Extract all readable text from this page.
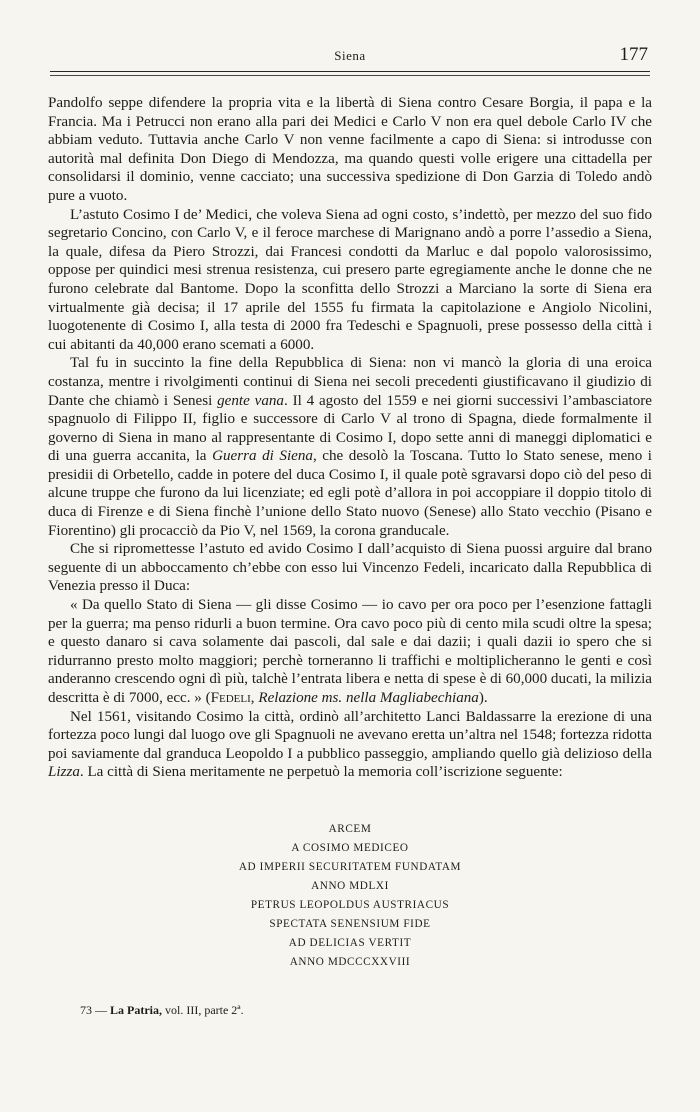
Siena	177

Pandolfo seppe difendere la propria vita e la libertà di Siena contro Cesare Borgia, il papa e la Francia. Ma i Petrucci non erano alla pari dei Medici e Carlo V non era quel debole Carlo IV che abbiam veduto. Tuttavia anche Carlo V non venne facilmente a capo di Siena: si introdusse con autorità mal definita Don Diego di Mendozza, ma quando questi volle erigere una cittadella per consolidarsi il dominio, venne cacciato; una successiva spedizione di Don Garzia di Toledo andò pure a vuoto.

L’astuto Cosimo I de’ Medici, che voleva Siena ad ogni costo, s’indettò, per mezzo del suo fido segretario Concino, con Carlo V, e il feroce marchese di Marignano andò a porre l’assedio a Siena, la quale, difesa da Piero Strozzi, dai Francesi condotti da Marluc e dal popolo valorosissimo, oppose per quindici mesi strenua resistenza, cui presero parte egregiamente anche le donne che ne furono celebrate dal Bantome. Dopo la sconfitta dello Strozzi a Marciano la sorte di Siena era virtualmente già decisa; il 17 aprile del 1555 fu firmata la capitolazione e Angiolo Nicolini, luogotenente di Cosimo I, alla testa di 2000 fra Tedeschi e Spagnuoli, prese possesso della città i cui abitanti da 40,000 erano scemati a 6000.

Tal fu in succinto la fine della Repubblica di Siena: non vi mancò la gloria di una eroica costanza, mentre i rivolgimenti continui di Siena nei secoli precedenti giustificavano il giudizio di Dante che chiamò i Senesi gente vana. Il 4 agosto del 1559 e nei giorni successivi l’ambasciatore spagnuolo di Filippo II, figlio e successore di Carlo V al trono di Spagna, diede formalmente il governo di Siena in mano al rappresentante di Cosimo I, dopo sette anni di maneggi diplomatici e di una guerra accanita, la Guerra di Siena, che desolò la Toscana. Tutto lo Stato senese, meno i presidii di Orbetello, cadde in potere del duca Cosimo I, il quale potè sgravarsi dopo ciò del peso di alcune truppe che furono da lui licenziate; ed egli potè d’allora in poi accoppiare il doppio titolo di duca di Firenze e di Siena finchè l’unione dello Stato nuovo (Senese) allo Stato vecchio (Pisano e Fiorentino) gli procacciò da Pio V, nel 1569, la corona granducale.

Che si ripromettesse l’astuto ed avido Cosimo I dall’acquisto di Siena puossi arguire dal brano seguente di un abboccamento ch’ebbe con esso lui Vincenzo Fedeli, incaricato dalla Repubblica di Venezia presso il Duca:

« Da quello Stato di Siena — gli disse Cosimo — io cavo per ora poco per l’esenzione fattagli per la guerra; ma penso ridurli a buon termine. Ora cavo poco più di cento mila scudi oltre la spesa; e questo danaro si cava solamente dai pascoli, dal sale e dai dazii; i quali dazii io spero che si ridurranno presto molto maggiori; perchè torneranno li traffichi e moltiplicheranno le genti e così anderanno crescendo ogni dì più, talchè l’entrata libera e netta di spese è di 60,000 ducati, la milizia descritta è di 7000, ecc. » (Fedeli, Relazione ms. nella Magliabechiana).

Nel 1561, visitando Cosimo la città, ordinò all’architetto Lanci Baldassarre la erezione di una fortezza poco lungi dal luogo ove gli Spagnuoli ne avevano eretta un’altra nel 1548; fortezza ridotta poi saviamente dal granduca Leopoldo I a pubblico passeggio, ampliando quello già delizioso della Lizza. La città di Siena meritamente ne perpetuò la memoria coll’iscrizione seguente:

ARCEM
A COSIMO MEDICEO
AD IMPERII SECURITATEM FUNDATAM
ANNO MDLXI
PETRUS LEOPOLDUS AUSTRIACUS
SPECTATA SENENSIUM FIDE
AD DELICIAS VERTIT
ANNO MDCCCXXVIII
73 — La Patria, vol. III, parte 2ª.
